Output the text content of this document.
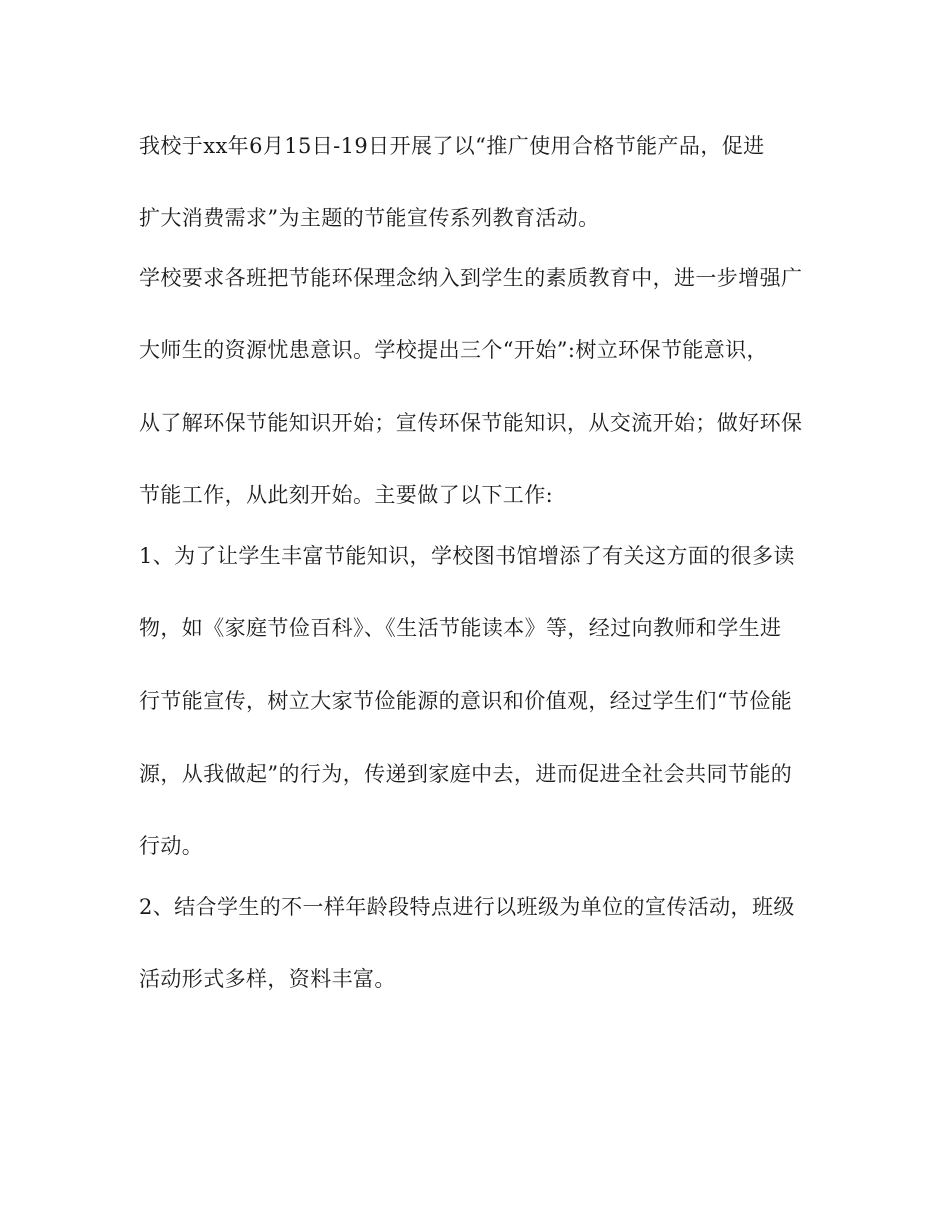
我校于xx年6月15日-19日开展了以“推广使用合格节能产品，促进
扩大消费需求”为主题的节能宣传系列教育活动。
学校要求各班把节能环保理念纳入到学生的素质教育中，进一步增强广
大师生的资源忧患意识。学校提出三个“开始”:树立环保节能意识，
从了解环保节能知识开始；宣传环保节能知识，从交流开始；做好环保
节能工作，从此刻开始。主要做了以下工作:
1、为了让学生丰富节能知识，学校图书馆增添了有关这方面的很多读
物，如《家庭节俭百科》、《生活节能读本》等，经过向教师和学生进
行节能宣传，树立大家节俭能源的意识和价值观，经过学生们“节俭能
源，从我做起”的行为，传递到家庭中去，进而促进全社会共同节能的
行动。
2、结合学生的不一样年龄段特点进行以班级为单位的宣传活动，班级
活动形式多样，资料丰富。
